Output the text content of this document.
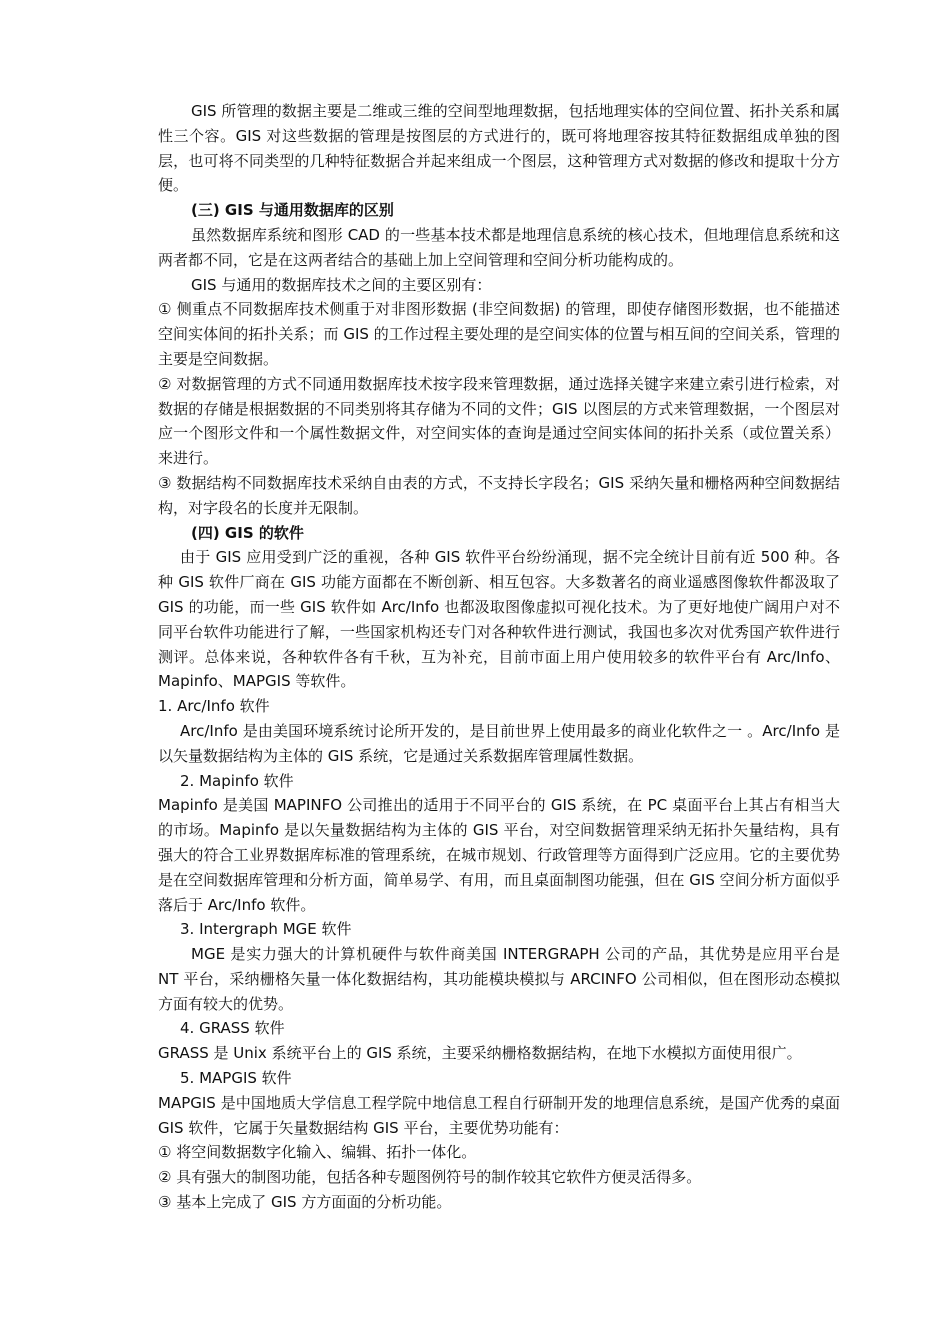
GIS 所管理的数据主要是二维或三维的空间型地理数据，包括地理实体的空间位置、拓扑关系和属性三个容。GIS 对这些数据的管理是按图层的方式进行的，既可将地理容按其特征数据组成单独的图层，也可将不同类型的几种特征数据合并起来组成一个图层，这种管理方式对数据的修改和提取十分方便。

(三) GIS 与通用数据库的区别

虽然数据库系统和图形 CAD 的一些基本技术都是地理信息系统的核心技术，但地理信息系统和这两者都不同，它是在这两者结合的基础上加上空间管理和空间分析功能构成的。

GIS 与通用的数据库技术之间的主要区别有：

① 侧重点不同数据库技术侧重于对非图形数据 (非空间数据) 的管理，即使存储图形数据，也不能描述空间实体间的拓扑关系；而 GIS 的工作过程主要处理的是空间实体的位置与相互间的空间关系，管理的主要是空间数据。

② 对数据管理的方式不同通用数据库技术按字段来管理数据，通过选择关键字来建立索引进行检索，对数据的存储是根据数据的不同类别将其存储为不同的文件；GIS 以图层的方式来管理数据，一个图层对应一个图形文件和一个属性数据文件，对空间实体的查询是通过空间实体间的拓扑关系（或位置关系）来进行。

③ 数据结构不同数据库技术采纳自由表的方式，不支持长字段名；GIS 采纳矢量和栅格两种空间数据结构，对字段名的长度并无限制。

(四) GIS 的软件

由于 GIS 应用受到广泛的重视，各种 GIS 软件平台纷纷涌现，据不完全统计目前有近 500 种。各种 GIS 软件厂商在 GIS 功能方面都在不断创新、相互包容。大多数著名的商业遥感图像软件都汲取了 GIS 的功能，而一些 GIS 软件如 Arc/Info 也都汲取图像虚拟可视化技术。为了更好地使广阔用户对不同平台软件功能进行了解，一些国家机构还专门对各种软件进行测试，我国也多次对优秀国产软件进行测评。总体来说，各种软件各有千秋，互为补充，目前市面上用户使用较多的软件平台有 Arc/Info、Mapinfo、MAPGIS 等软件。

1. Arc/Info 软件

Arc/Info 是由美国环境系统讨论所开发的，是目前世界上使用最多的商业化软件之一 。Arc/Info 是以矢量数据结构为主体的 GIS 系统，它是通过关系数据库管理属性数据。

2. Mapinfo 软件

Mapinfo 是美国 MAPINFO 公司推出的适用于不同平台的 GIS 系统，在 PC 桌面平台上其占有相当大的市场。Mapinfo 是以矢量数据结构为主体的 GIS 平台，对空间数据管理采纳无拓扑矢量结构，具有强大的符合工业界数据库标准的管理系统，在城市规划、行政管理等方面得到广泛应用。它的主要优势是在空间数据库管理和分析方面，简单易学、有用，而且桌面制图功能强，但在 GIS 空间分析方面似乎落后于 Arc/Info 软件。

3. Intergraph MGE 软件

MGE 是实力强大的计算机硬件与软件商美国 INTERGRAPH 公司的产品，其优势是应用平台是 NT 平台，采纳栅格矢量一体化数据结构，其功能模块模拟与 ARCINFO 公司相似，但在图形动态模拟方面有较大的优势。

4. GRASS 软件

GRASS 是 Unix 系统平台上的 GIS 系统，主要采纳栅格数据结构，在地下水模拟方面使用很广。

5. MAPGIS 软件

MAPGIS 是中国地质大学信息工程学院中地信息工程自行研制开发的地理信息系统，是国产优秀的桌面 GIS 软件，它属于矢量数据结构 GIS 平台，主要优势功能有：

① 将空间数据数字化输入、编辑、拓扑一体化。

② 具有强大的制图功能，包括各种专题图例符号的制作较其它软件方便灵活得多。

③ 基本上完成了 GIS 方方面面的分析功能。
